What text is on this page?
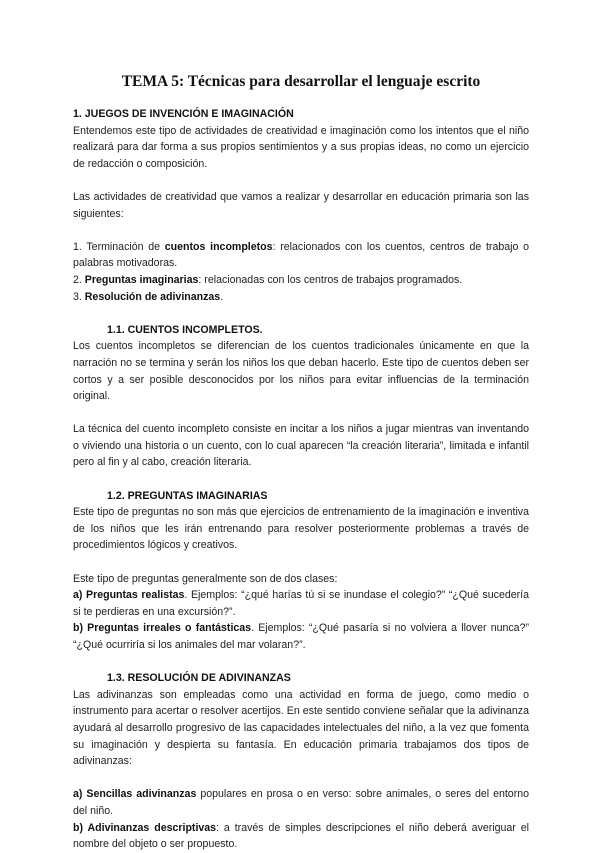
TEMA 5: Técnicas para desarrollar el lenguaje escrito
1. JUEGOS DE INVENCIÓN E IMAGINACIÓN

Entendemos este tipo de actividades de creatividad e imaginación como los intentos que el niño realizará para dar forma a sus propios sentimientos y a sus propias ideas, no como un ejercicio de redacción o composición.

Las actividades de creatividad que vamos a realizar y desarrollar en educación primaria son las siguientes:

1. Terminación de cuentos incompletos: relacionados con los cuentos, centros de trabajo o palabras motivadoras.

2. Preguntas imaginarias: relacionadas con los centros de trabajos programados.

3. Resolución de adivinanzas.

1.1. CUENTOS INCOMPLETOS.

Los cuentos incompletos se diferencian de los cuentos tradicionales únicamente en que la narración no se termina y serán los niños los que deban hacerlo. Este tipo de cuentos deben ser cortos y a ser posible desconocidos por los niños para evitar influencias de la terminación original.

La técnica del cuento incompleto consiste en incitar a los niños a jugar mientras van inventando o viviendo una historia o un cuento, con lo cual aparecen “la creación literaria”, limitada e infantil pero al fin y al cabo, creación literaria.

1.2. PREGUNTAS IMAGINARIAS

Este tipo de preguntas no son más que ejercicios de entrenamiento de la imaginación e inventiva de los niños que les irán entrenando para resolver posteriormente problemas a través de procedimientos lógicos y creativos.

Este tipo de preguntas generalmente son de dos clases:

a) Preguntas realistas. Ejemplos: “¿qué harías tú si se inundase el colegio?” “¿Qué sucedería si te perdieras en una excursión?”.

b) Preguntas irreales o fantásticas. Ejemplos: “¿Qué pasaría si no volviera a llover nunca?” “¿Qué ocurriría si los animales del mar volaran?”.

1.3. RESOLUCIÓN DE ADIVINANZAS

Las adivinanzas son empleadas como una actividad en forma de juego, como medio o instrumento para acertar o resolver acertijos. En este sentido conviene señalar que la adivinanza ayudará al desarrollo progresivo de las capacidades intelectuales del niño, a la vez que fomenta su imaginación y despierta su fantasía. En educación primaria trabajamos dos tipos de adivinanzas:

a) Sencillas adivinanzas populares en prosa o en verso: sobre animales, o seres del entorno del niño.

b) Adivinanzas descriptivas: a través de simples descripciones el niño deberá averiguar el nombre del objeto o ser propuesto.
